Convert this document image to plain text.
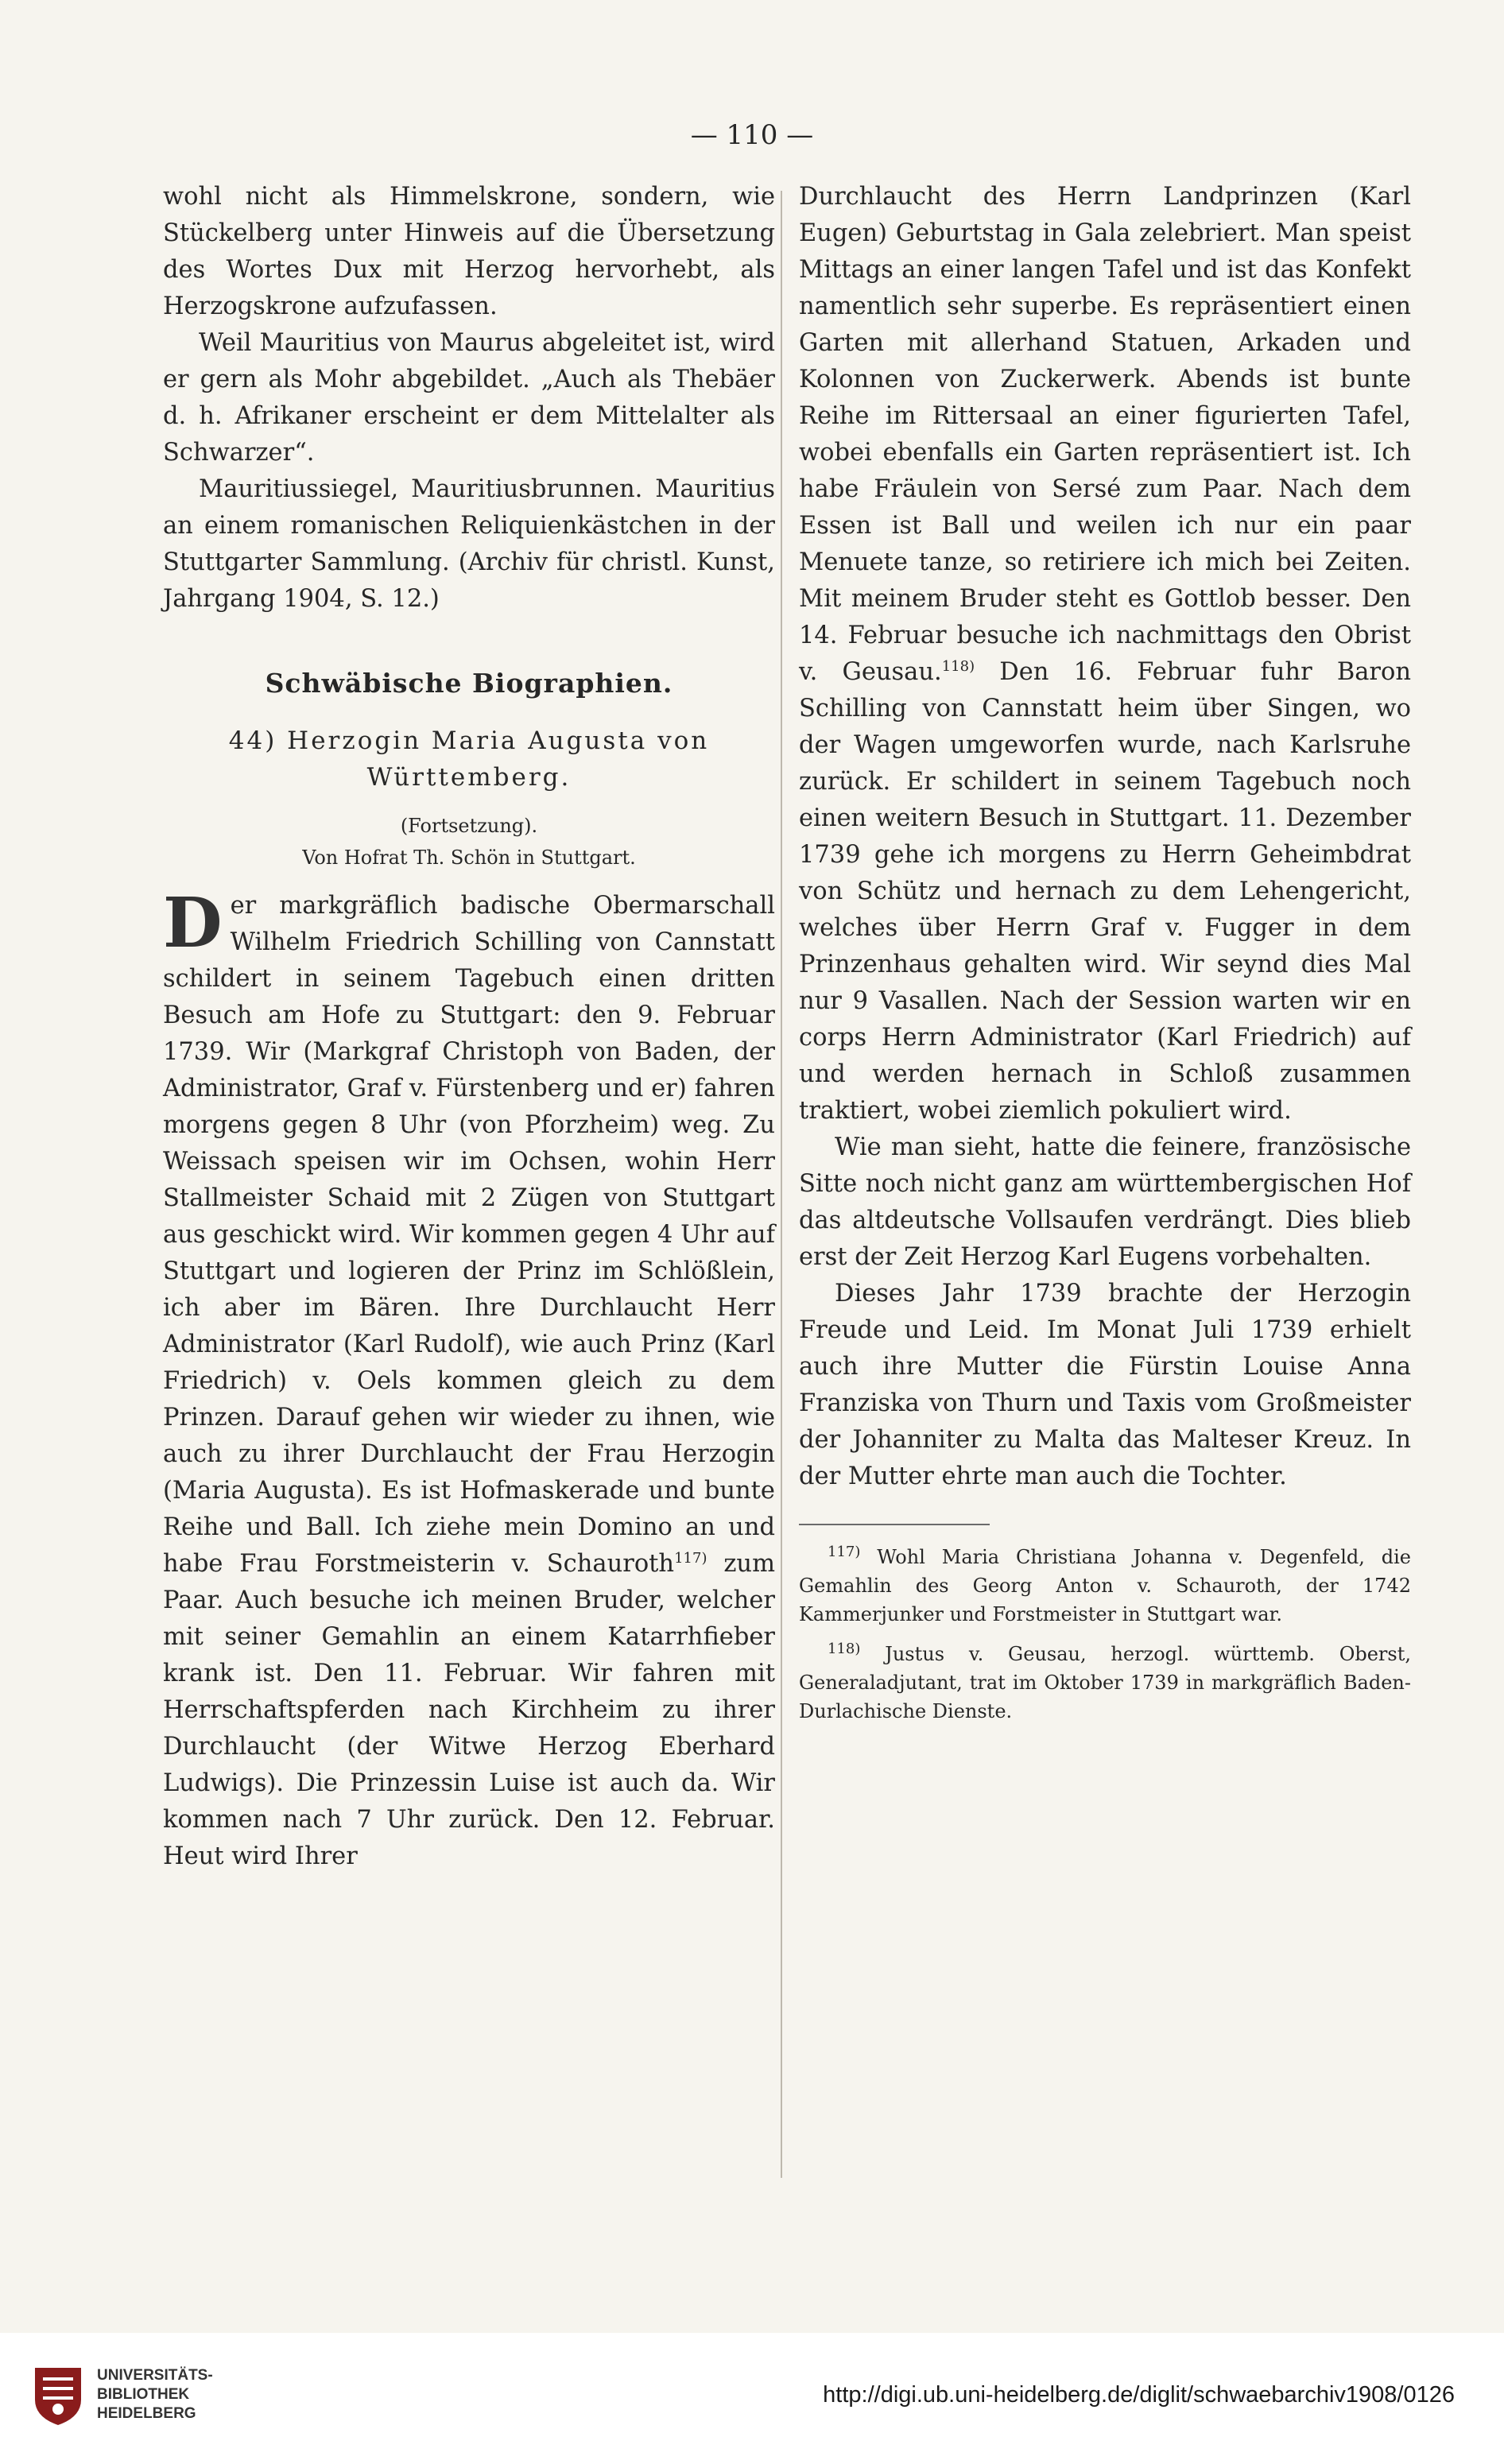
— 110 —

wohl nicht als Himmelskrone, sondern, wie Stückelberg unter Hinweis auf die Übersetzung des Wortes Dux mit Herzog hervorhebt, als Herzogskrone aufzufassen.

Weil Mauritius von Maurus abgeleitet ist, wird er gern als Mohr abgebildet. „Auch als Thebäer d. h. Afrikaner erscheint er dem Mittelalter als Schwarzer“.

Mauritiussiegel, Mauritiusbrunnen. Mauritius an einem romanischen Reliquienkästchen in der Stuttgarter Sammlung. (Archiv für christl. Kunst, Jahrgang 1904, S. 12.)

Schwäbische Biographien.
44) Herzogin Maria Augusta von
Württemberg.
(Fortsetzung).
Von Hofrat Th. Schön in Stuttgart.

Der markgräflich badische Obermarschall Wilhelm Friedrich Schilling von Cannstatt schildert in seinem Tagebuch einen dritten Besuch am Hofe zu Stuttgart: den 9. Februar 1739. Wir (Markgraf Christoph von Baden, der Administrator, Graf v. Fürstenberg und er) fahren morgens gegen 8 Uhr (von Pforzheim) weg. Zu Weissach speisen wir im Ochsen, wohin Herr Stallmeister Schaid mit 2 Zügen von Stuttgart aus geschickt wird. Wir kommen gegen 4 Uhr auf Stuttgart und logieren der Prinz im Schlößlein, ich aber im Bären. Ihre Durchlaucht Herr Administrator (Karl Rudolf), wie auch Prinz (Karl Friedrich) v. Oels kommen gleich zu dem Prinzen. Darauf gehen wir wieder zu ihnen, wie auch zu ihrer Durchlaucht der Frau Herzogin (Maria Augusta). Es ist Hofmaskerade und bunte Reihe und Ball. Ich ziehe mein Domino an und habe Frau Forstmeisterin v. Schauroth$^{117)}$ zum Paar. Auch besuche ich meinen Bruder, welcher mit seiner Gemahlin an einem Katarrhfieber krank ist. Den 11. Februar. Wir fahren mit Herrschaftspferden nach Kirchheim zu ihrer Durchlaucht (der Witwe Herzog Eberhard Ludwigs). Die Prinzessin Luise ist auch da. Wir kommen nach 7 Uhr zurück. Den 12. Februar. Heut wird Ihrer

Durchlaucht des Herrn Landprinzen (Karl Eugen) Geburtstag in Gala zelebriert. Man speist Mittags an einer langen Tafel und ist das Konfekt namentlich sehr superbe. Es repräsentiert einen Garten mit allerhand Statuen, Arkaden und Kolonnen von Zuckerwerk. Abends ist bunte Reihe im Rittersaal an einer figurierten Tafel, wobei ebenfalls ein Garten repräsentiert ist. Ich habe Fräulein von Sersé zum Paar. Nach dem Essen ist Ball und weilen ich nur ein paar Menuete tanze, so retiriere ich mich bei Zeiten. Mit meinem Bruder steht es Gottlob besser. Den 14. Februar besuche ich nachmittags den Obrist v. Geusau.$^{118)}$ Den 16. Februar fuhr Baron Schilling von Cannstatt heim über Singen, wo der Wagen umgeworfen wurde, nach Karlsruhe zurück. Er schildert in seinem Tagebuch noch einen weitern Besuch in Stuttgart. 11. Dezember 1739 gehe ich morgens zu Herrn Geheimbdrat von Schütz und hernach zu dem Lehengericht, welches über Herrn Graf v. Fugger in dem Prinzenhaus gehalten wird. Wir seynd dies Mal nur 9 Vasallen. Nach der Session warten wir en corps Herrn Administrator (Karl Friedrich) auf und werden hernach in Schloß zusammen traktiert, wobei ziemlich pokuliert wird.

Wie man sieht, hatte die feinere, französische Sitte noch nicht ganz am württembergischen Hof das altdeutsche Vollsaufen verdrängt. Dies blieb erst der Zeit Herzog Karl Eugens vorbehalten.

Dieses Jahr 1739 brachte der Herzogin Freude und Leid. Im Monat Juli 1739 erhielt auch ihre Mutter die Fürstin Louise Anna Franziska von Thurn und Taxis vom Großmeister der Johanniter zu Malta das Malteser Kreuz. In der Mutter ehrte man auch die Tochter.

$^{117)}$ Wohl Maria Christiana Johanna v. Degenfeld, die Gemahlin des Georg Anton v. Schauroth, der 1742 Kammerjunker und Forstmeister in Stuttgart war.
$^{118)}$ Justus v. Geusau, herzogl. württemb. Oberst, Generaladjutant, trat im Oktober 1739 in markgräflich Baden-Durlachische Dienste.
UNIVERSITÄTS-
BIBLIOTHEK
HEIDELBERG
http://digi.ub.uni-heidelberg.de/diglit/schwaebarchiv1908/0126
